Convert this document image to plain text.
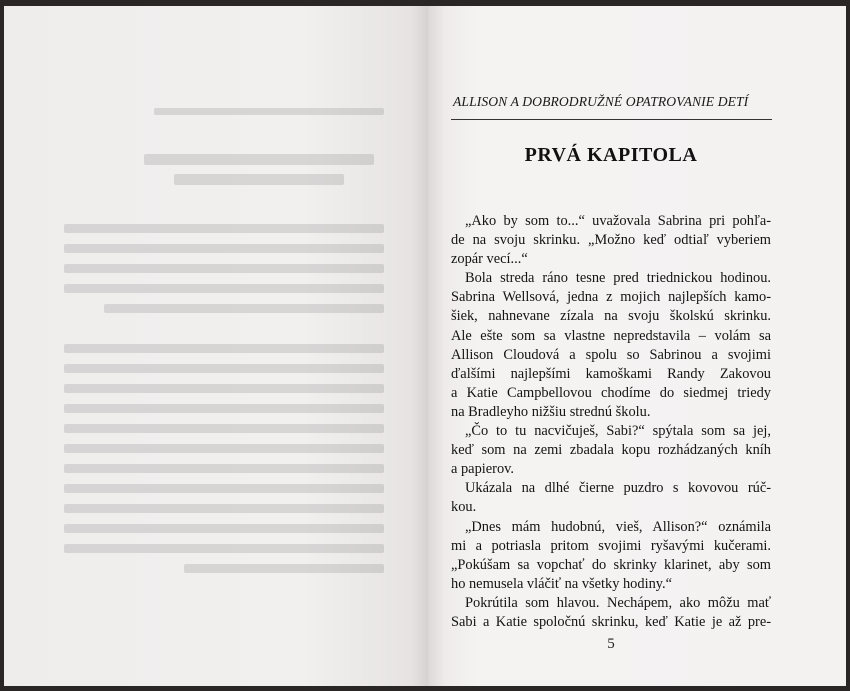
ALLISON A DOBRODRUŽNÉ OPATROVANIE DETÍ
PRVÁ KAPITOLA
„Ako by som to...“ uvažovala Sabrina pri pohľa-
de na svoju skrinku. „Možno keď odtiaľ vyberiem
zopár vecí...“
Bola streda ráno tesne pred triednickou hodinou.
Sabrina Wellsová, jedna z mojich najlepších kamo-
šiek, nahnevane zízala na svoju školskú skrinku.
Ale ešte som sa vlastne nepredstavila – volám sa
Allison Cloudová a spolu so Sabrinou a svojimi
ďalšími najlepšími kamoškami Randy Zakovou
a Katie Campbellovou chodíme do siedmej triedy
na Bradleyho nižšiu strednú školu.
„Čo to tu nacvičuješ, Sabi?“ spýtala som sa jej,
keď som na zemi zbadala kopu rozhádzaných kníh
a papierov.
Ukázala na dlhé čierne puzdro s kovovou rúč-
kou.
„Dnes mám hudobnú, vieš, Allison?“ oznámila
mi a potriasla pritom svojimi ryšavými kučerami.
„Pokúšam sa vopchať do skrinky klarinet, aby som
ho nemusela vláčiť na všetky hodiny.“
Pokrútila som hlavou. Nechápem, ako môžu mať
Sabi a Katie spoločnú skrinku, keď Katie je až pre-
5
